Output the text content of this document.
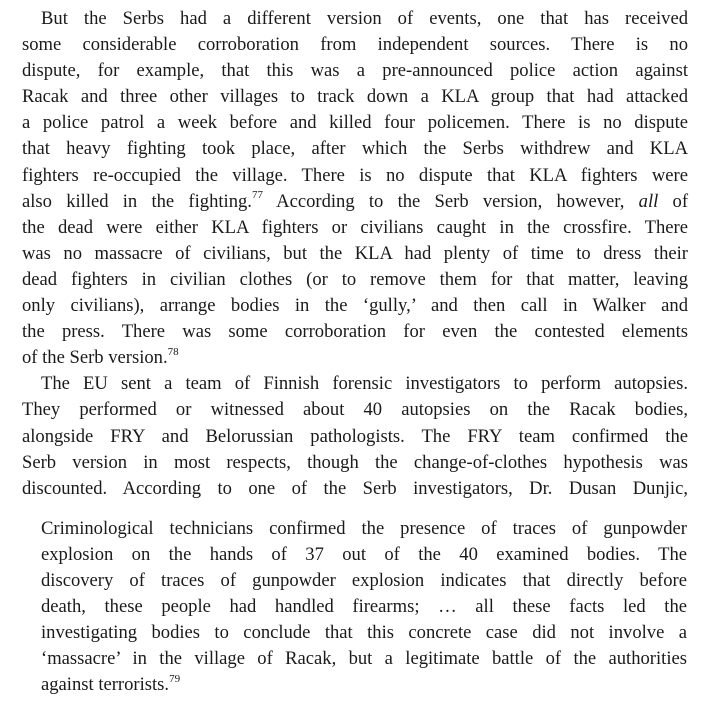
But the Serbs had a different version of events, one that has received
some considerable corroboration from independent sources. There is no
dispute, for example, that this was a pre-announced police action against
Racak and three other villages to track down a KLA group that had attacked
a police patrol a week before and killed four policemen. There is no dispute
that heavy fighting took place, after which the Serbs withdrew and KLA
fighters re-occupied the village. There is no dispute that KLA fighters were
also killed in the fighting.$^{77}$ According to the Serb version, however, all of
the dead were either KLA fighters or civilians caught in the crossfire. There
was no massacre of civilians, but the KLA had plenty of time to dress their
dead fighters in civilian clothes (or to remove them for that matter, leaving
only civilians), arrange bodies in the ‘gully,’ and then call in Walker and
the press. There was some corroboration for even the contested elements
of the Serb version.$^{78}$

The EU sent a team of Finnish forensic investigators to perform autopsies.
They performed or witnessed about 40 autopsies on the Racak bodies,
alongside FRY and Belorussian pathologists. The FRY team confirmed the
Serb version in most respects, though the change-of-clothes hypothesis was
discounted. According to one of the Serb investigators, Dr. Dusan Dunjic,

Criminological technicians confirmed the presence of traces of gunpowder
explosion on the hands of 37 out of the 40 examined bodies. The
discovery of traces of gunpowder explosion indicates that directly before
death, these people had handled firearms; … all these facts led the
investigating bodies to conclude that this concrete case did not involve a
‘massacre’ in the village of Racak, but a legitimate battle of the authorities
against terrorists.$^{79}$
